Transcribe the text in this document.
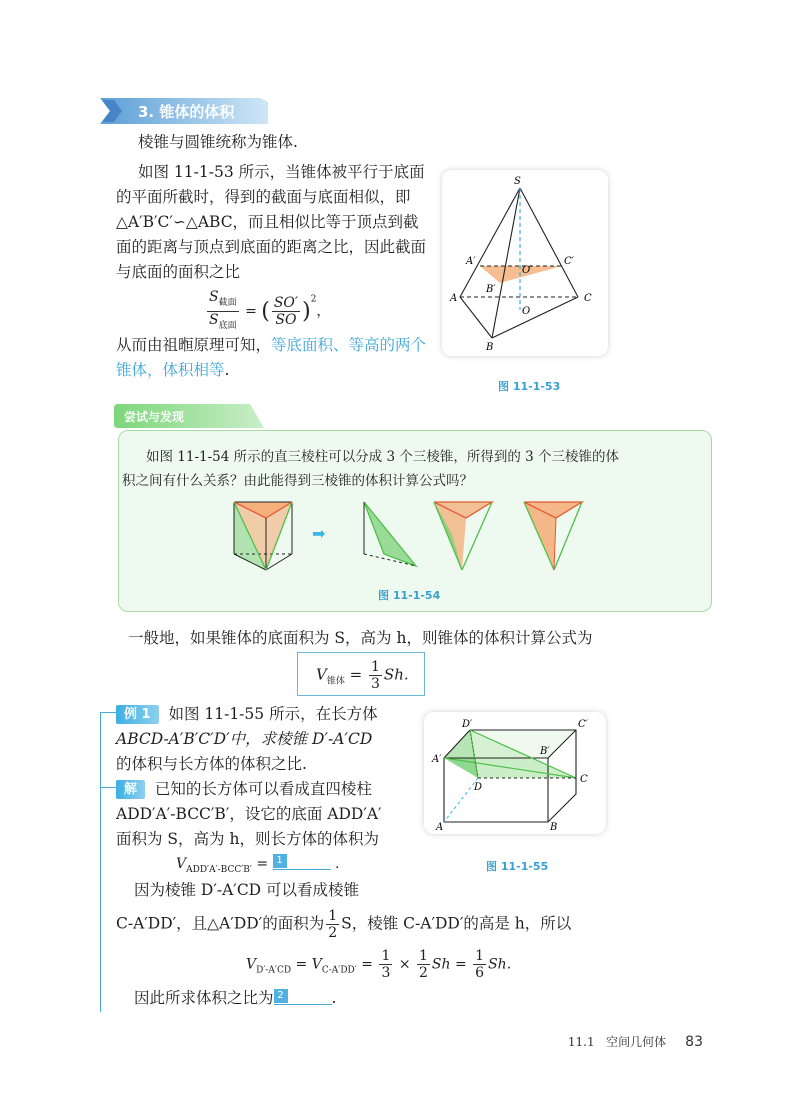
3. 锥体的体积
棱锥与圆锥统称为锥体.
如图 11-1-53 所示，当锥体被平行于底面
的平面所截时，得到的截面与底面相似，即
△A′B′C′∽△ABC，而且相似比等于顶点到截
面的距离与顶点到底面的距离之比，因此截面
与底面的面积之比
$\frac{S_{截面}}{S_{底面}}$ = ( $\frac{SO'}{SO} )^2$，
从而由祖暅原理可知，等底面积、等高的两个
锥体，体积相等.
S
A′	C′
O′
B′
A
O
C
B
图 11-1-53
尝试与发现
如图 11-1-54 所示的直三棱柱可以分成 3 个三棱锥，所得到的 3 个三棱锥的体
积之间有什么关系？由此能得到三棱锥的体积计算公式吗？
➡
图 11-1-54
一般地，如果锥体的底面积为 S，高为 h，则锥体的体积计算公式为
$V_{锥体} = \frac{1}{3} Sh$.
例 1 如图 11-1-55 所示，在长方体
ABCD-A′B′C′D′中，求棱锥 D′-A′CD
的体积与长方体的体积之比.
解 已知的长方体可以看成直四棱柱
ADD′A′-BCC′B′，设它的底面 ADD′A′
面积为 S，高为 h，则长方体的体积为
$V_{ADD'A'-BCC'B'} = 1$	.
因为棱锥 D′-A′CD 可以看成棱锥
C-A′DD′，且△A′DD′的面积为 $\frac{1}{2}$ S，棱锥 C-A′DD′的高是 h，所以
$V_{D'-A'CD} = V_{C-A'DD'} = \frac{1}{3} \times \frac{1}{2}$ $Sh = \frac{1}{6} Sh$.
因此所求体积之比为 2	.
D′	C′
A′
B′
D
C
A	B
图 11-1-55
11.1 空间几何体 83
